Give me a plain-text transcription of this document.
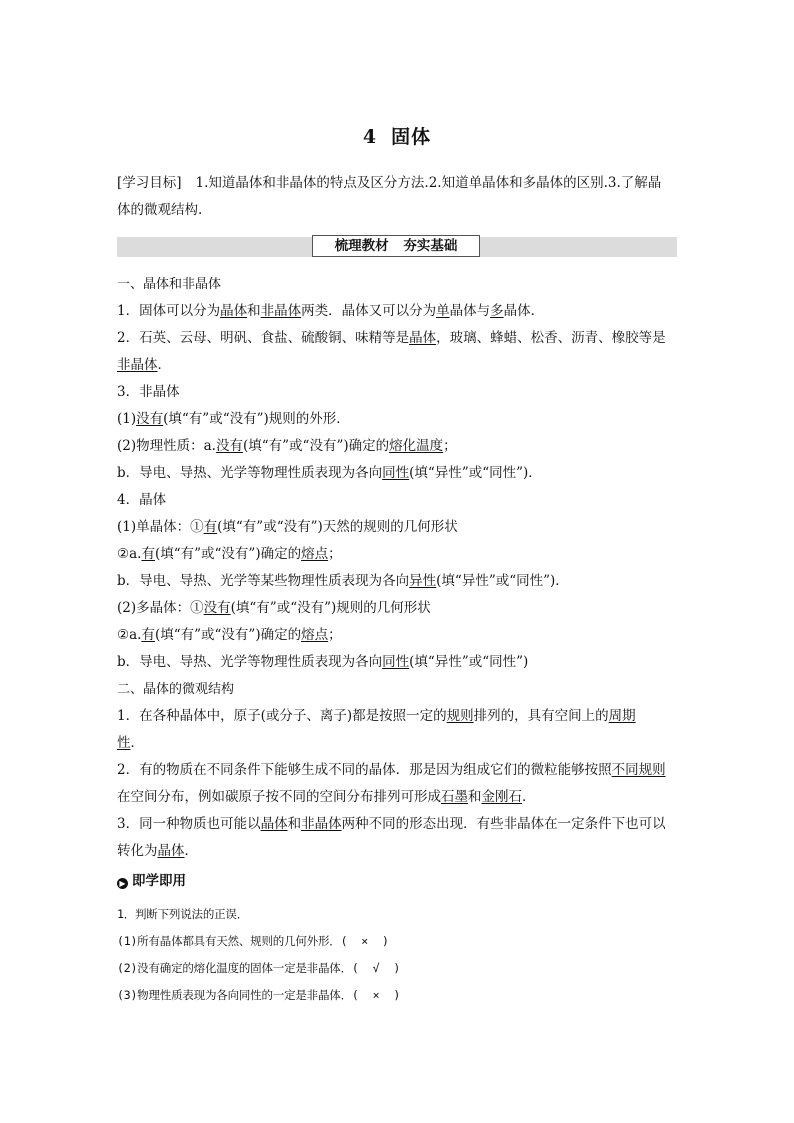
4 固体
[学习目标] 1.知道晶体和非晶体的特点及区分方法.2.知道单晶体和多晶体的区别.3.了解晶
体的微观结构.
梳理教材 夯实基础
一、晶体和非晶体
1．固体可以分为晶体和非晶体两类．晶体又可以分为单晶体与多晶体．
2．石英、云母、明矾、食盐、硫酸铜、味精等是晶体，玻璃、蜂蜡、松香、沥青、橡胶等是
非晶体．
3．非晶体
(1)没有(填“有”或“没有”)规则的外形．
(2)物理性质：a.没有(填“有”或“没有”)确定的熔化温度；
b．导电、导热、光学等物理性质表现为各向同性(填“异性”或“同性”)．
4．晶体
(1)单晶体：①有(填“有”或“没有”)天然的规则的几何形状
②a.有(填“有”或“没有”)确定的熔点；
b．导电、导热、光学等某些物理性质表现为各向异性(填“异性”或“同性”)．
(2)多晶体：①没有(填“有”或“没有”)规则的几何形状
②a.有(填“有”或“没有”)确定的熔点；
b．导电、导热、光学等物理性质表现为各向同性(填“异性”或“同性”)
二、晶体的微观结构
1．在各种晶体中，原子(或分子、离子)都是按照一定的规则排列的，具有空间上的周期
性．
2．有的物质在不同条件下能够生成不同的晶体．那是因为组成它们的微粒能够按照不同规则
在空间分布，例如碳原子按不同的空间分布排列可形成石墨和金刚石．
3．同一种物质也可能以晶体和非晶体两种不同的形态出现．有些非晶体在一定条件下也可以
转化为晶体．
▶ 即学即用
1．判断下列说法的正误．
(1)所有晶体都具有天然、规则的几何外形．( × )
(2)没有确定的熔化温度的固体一定是非晶体．( √ )
(3)物理性质表现为各向同性的一定是非晶体．( × )
